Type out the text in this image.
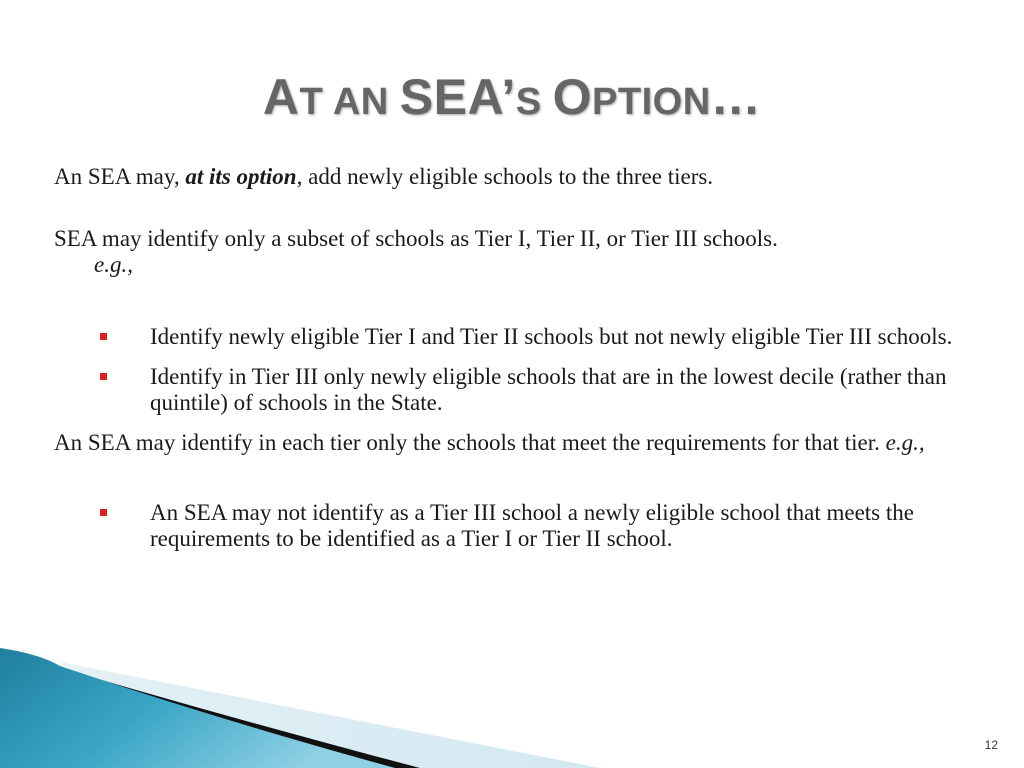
AT AN SEA’S OPTION…

An SEA may, at its option, add newly eligible schools to the three tiers.

SEA may identify only a subset of schools as Tier I, Tier II, or Tier III schools.
e.g.,

Identify newly eligible Tier I and Tier II schools but not newly eligible Tier III schools.
Identify in Tier III only newly eligible schools that are in the lowest decile (rather than quintile) of schools in the State.

An SEA may identify in each tier only the schools that meet the requirements for that tier. e.g.,

An SEA may not identify as a Tier III school a newly eligible school that meets the requirements to be identified as a Tier I or Tier II school.
12
